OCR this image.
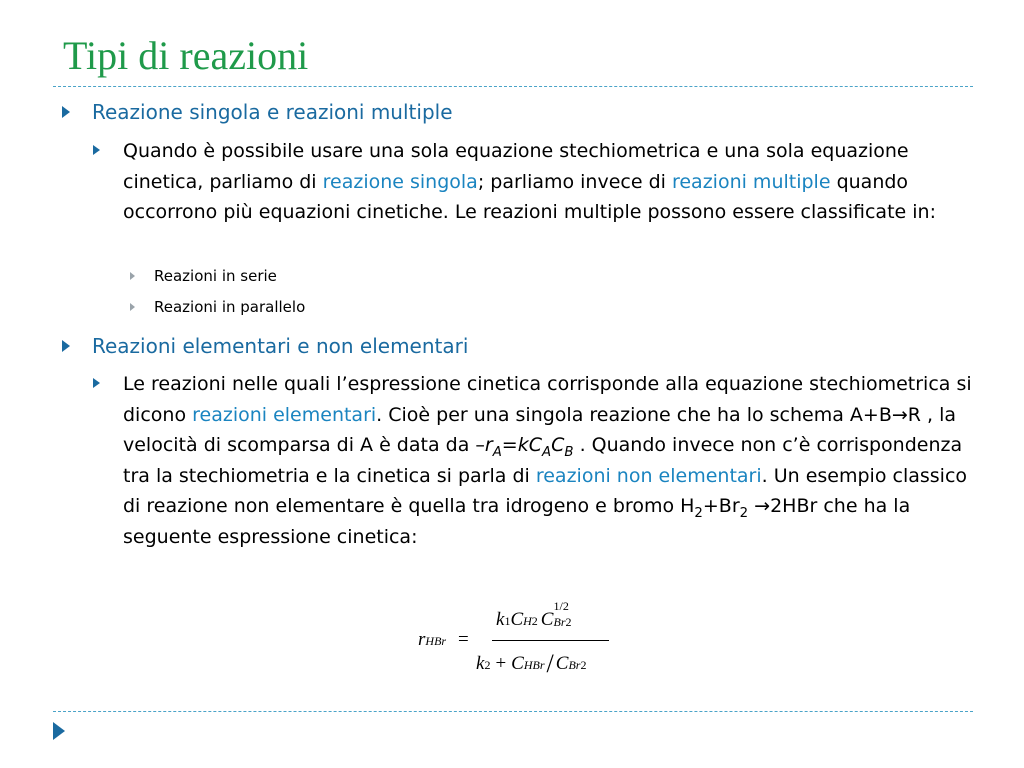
Tipi di reazioni
Reazione singola e reazioni multiple
Quando è possibile usare una sola equazione stechiometrica e una sola equazione cinetica, parliamo di reazione singola; parliamo invece di reazioni multiple quando occorrono più equazioni cinetiche. Le reazioni multiple possono essere classificate in:
Reazioni in serie
Reazioni in parallelo
Reazioni elementari e non elementari
Le reazioni nelle quali l’espressione cinetica corrisponde alla equazione stechiometrica si dicono reazioni elementari. Cioè per una singola reazione che ha lo schema A+B→R , la velocità di scomparsa di A è data da $-r_A=kC_AC_B$ . Quando invece non c’è corrispondenza tra la stechiometria e la cinetica si parla di reazioni non elementari. Un esempio classico di reazione non elementare è quella tra idrogeno e bromo $H_2+Br_2 \to 2HBr$ che ha la seguente espressione cinetica:
rHBr =
k1CH2 C
1/2
Br2
k2 + CHBr/ CBr2
